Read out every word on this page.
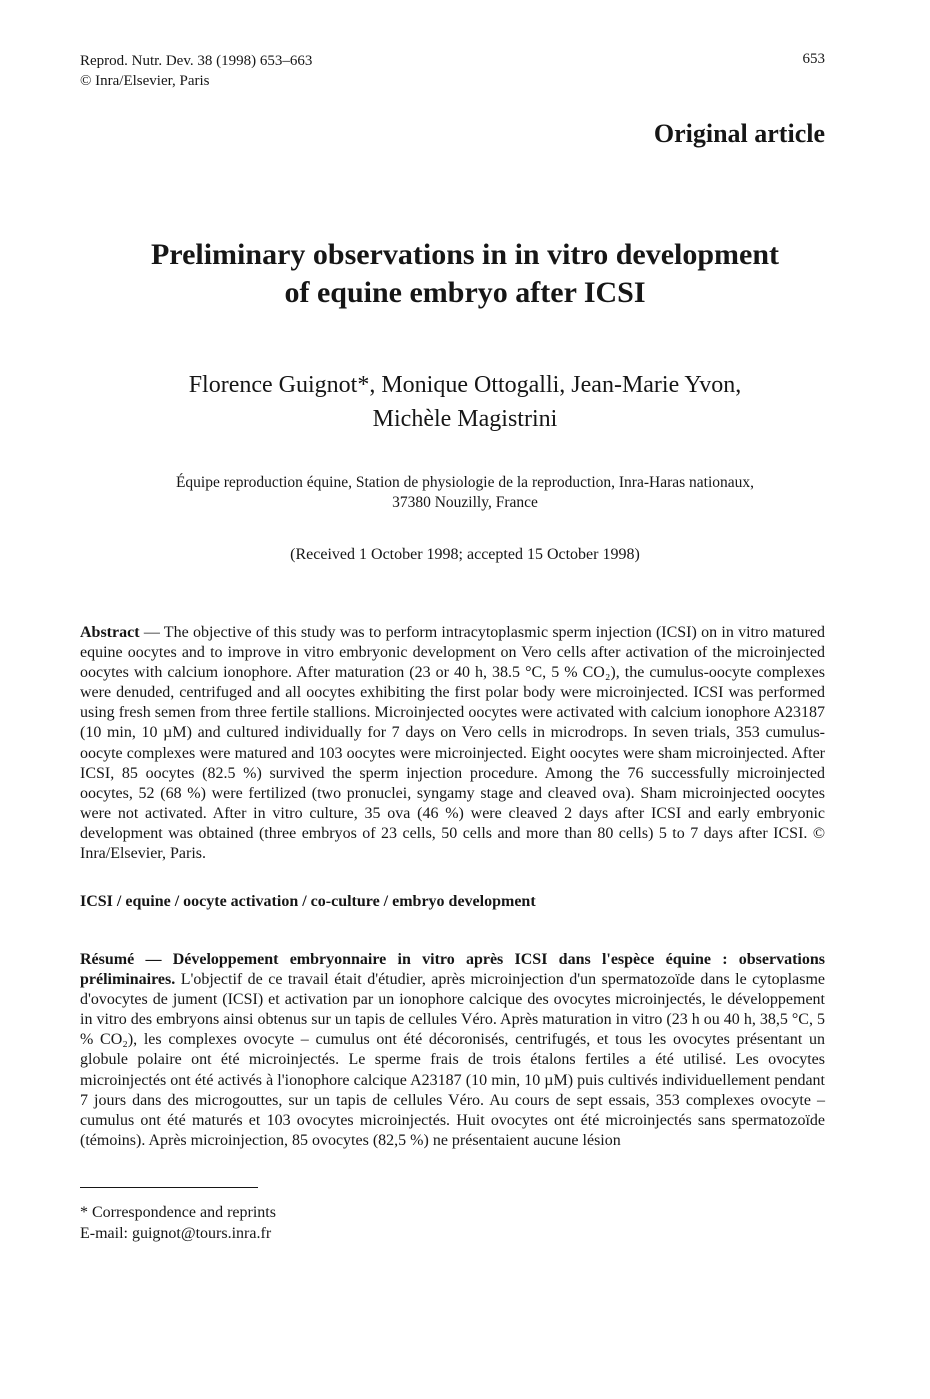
Reprod. Nutr. Dev. 38 (1998) 653–663
© Inra/Elsevier, Paris
653
Original article
Preliminary observations in in vitro development
of equine embryo after ICSI
Florence Guignot*, Monique Ottogalli, Jean-Marie Yvon,
Michèle Magistrini
Équipe reproduction équine, Station de physiologie de la reproduction, Inra-Haras nationaux,
37380 Nouzilly, France
(Received 1 October 1998; accepted 15 October 1998)
Abstract — The objective of this study was to perform intracytoplasmic sperm injection (ICSI) on in vitro matured equine oocytes and to improve in vitro embryonic development on Vero cells after activation of the microinjected oocytes with calcium ionophore. After maturation (23 or 40 h, 38.5 °C, 5 % CO₂), the cumulus-oocyte complexes were denuded, centrifuged and all oocytes exhibiting the first polar body were microinjected. ICSI was performed using fresh semen from three fertile stallions. Microinjected oocytes were activated with calcium ionophore A23187 (10 min, 10 µM) and cultured individually for 7 days on Vero cells in microdrops. In seven trials, 353 cumulus-oocyte complexes were matured and 103 oocytes were microinjected. Eight oocytes were sham microinjected. After ICSI, 85 oocytes (82.5 %) survived the sperm injection procedure. Among the 76 successfully microinjected oocytes, 52 (68 %) were fertilized (two pronuclei, syngamy stage and cleaved ova). Sham microinjected oocytes were not activated. After in vitro culture, 35 ova (46 %) were cleaved 2 days after ICSI and early embryonic development was obtained (three embryos of 23 cells, 50 cells and more than 80 cells) 5 to 7 days after ICSI. © Inra/Elsevier, Paris.
ICSI / equine / oocyte activation / co-culture / embryo development
Résumé — Développement embryonnaire in vitro après ICSI dans l'espèce équine : observations préliminaires. L'objectif de ce travail était d'étudier, après microinjection d'un spermatozoïde dans le cytoplasme d'ovocytes de jument (ICSI) et activation par un ionophore calcique des ovocytes microinjectés, le développement in vitro des embryons ainsi obtenus sur un tapis de cellules Véro. Après maturation in vitro (23 h ou 40 h, 38,5 °C, 5 % CO₂), les complexes ovocyte – cumulus ont été décoronisés, centrifugés, et tous les ovocytes présentant un globule polaire ont été microinjectés. Le sperme frais de trois étalons fertiles a été utilisé. Les ovocytes microinjectés ont été activés à l'ionophore calcique A23187 (10 min, 10 µM) puis cultivés individuellement pendant 7 jours dans des microgouttes, sur un tapis de cellules Véro. Au cours de sept essais, 353 complexes ovocyte – cumulus ont été maturés et 103 ovocytes microinjectés. Huit ovocytes ont été microinjectés sans spermatozoïde (témoins). Après microinjection, 85 ovocytes (82,5 %) ne présentaient aucune lésion
* Correspondence and reprints
E-mail: guignot@tours.inra.fr
